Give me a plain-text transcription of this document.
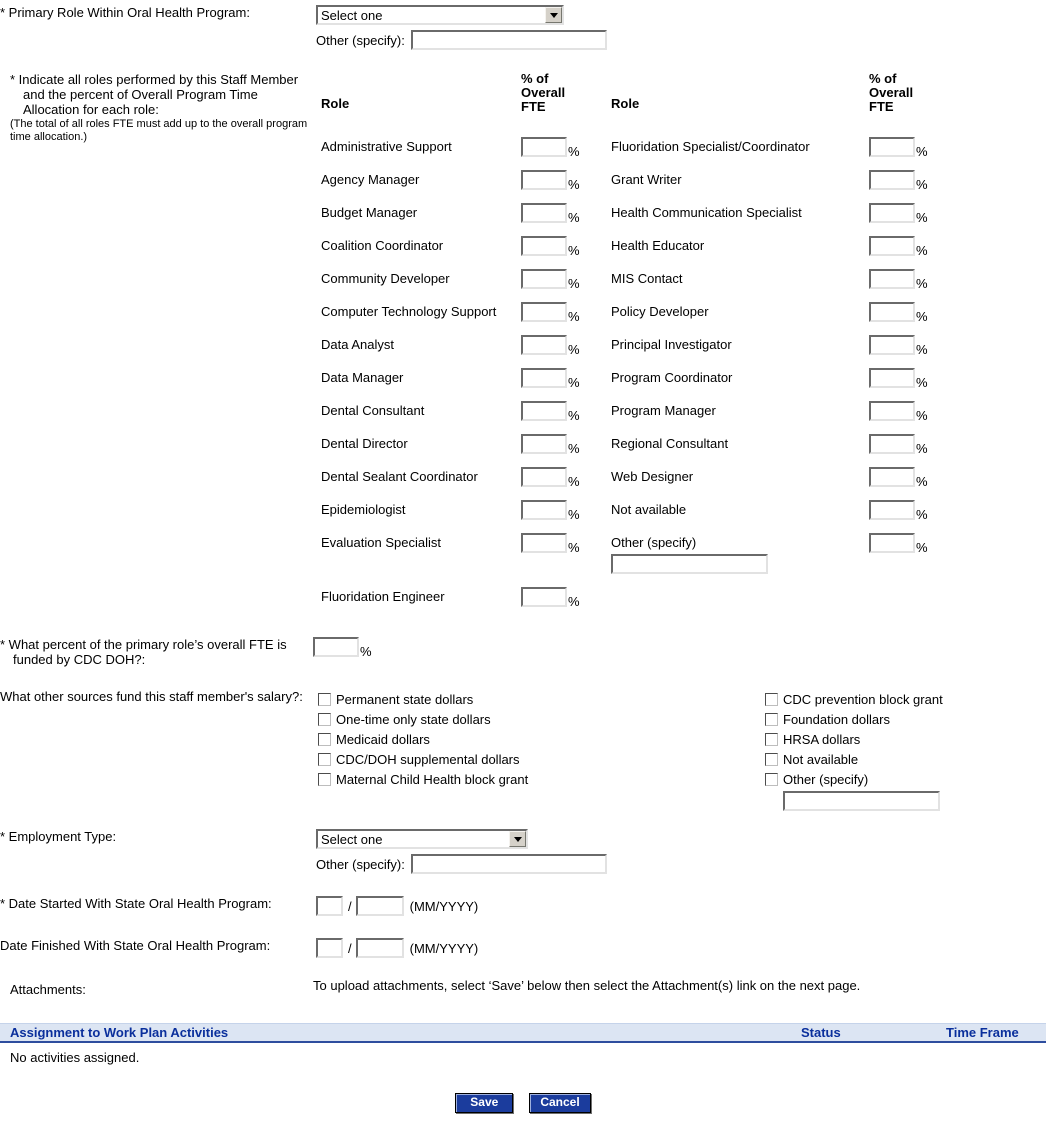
* Primary Role Within Oral Health Program:	Select one
Other (specify):
* Indicate all roles performed by this Staff Member and the percent of Overall Program Time Allocation for each role:
(The total of all roles FTE must add up to the overall program time allocation.)
Role
% of Overall FTE	Role
% of Overall FTE
Administrative Support	%	Fluoridation Specialist/Coordinator	%
Agency Manager	%	Grant Writer	%
Budget Manager	%	Health Communication Specialist	%
Coalition Coordinator	%	Health Educator	%
Community Developer	%	MIS Contact	%
Computer Technology Support	%	Policy Developer	%
Data Analyst	%	Principal Investigator	%
Data Manager	%	Program Coordinator	%
Dental Consultant	%	Program Manager	%
Dental Director	%	Regional Consultant	%
Dental Sealant Coordinator	%	Web Designer	%
Epidemiologist	%	Not available	%
Evaluation Specialist	%	Other (specify)	%
Fluoridation Engineer	%
* What percent of the primary role’s overall FTE is funded by CDC DOH?:
%
What other sources fund this staff member's salary?:	Permanent state dollars
One-time only state dollars
Medicaid dollars
CDC/DOH supplemental dollars
Maternal Child Health block grant
CDC prevention block grant
Foundation dollars
HRSA dollars
Not available
Other (specify)
* Employment Type:	Select one
Other (specify):
* Date Started With State Oral Health Program:	/	(MM/YYYY)
Date Finished With State Oral Health Program:	/	(MM/YYYY)
Attachments:	To upload attachments, select ‘Save’ below then select the Attachment(s) link on the next page.
Assignment to Work Plan Activities	Status	Time Frame
No activities assigned.
Save	Cancel
